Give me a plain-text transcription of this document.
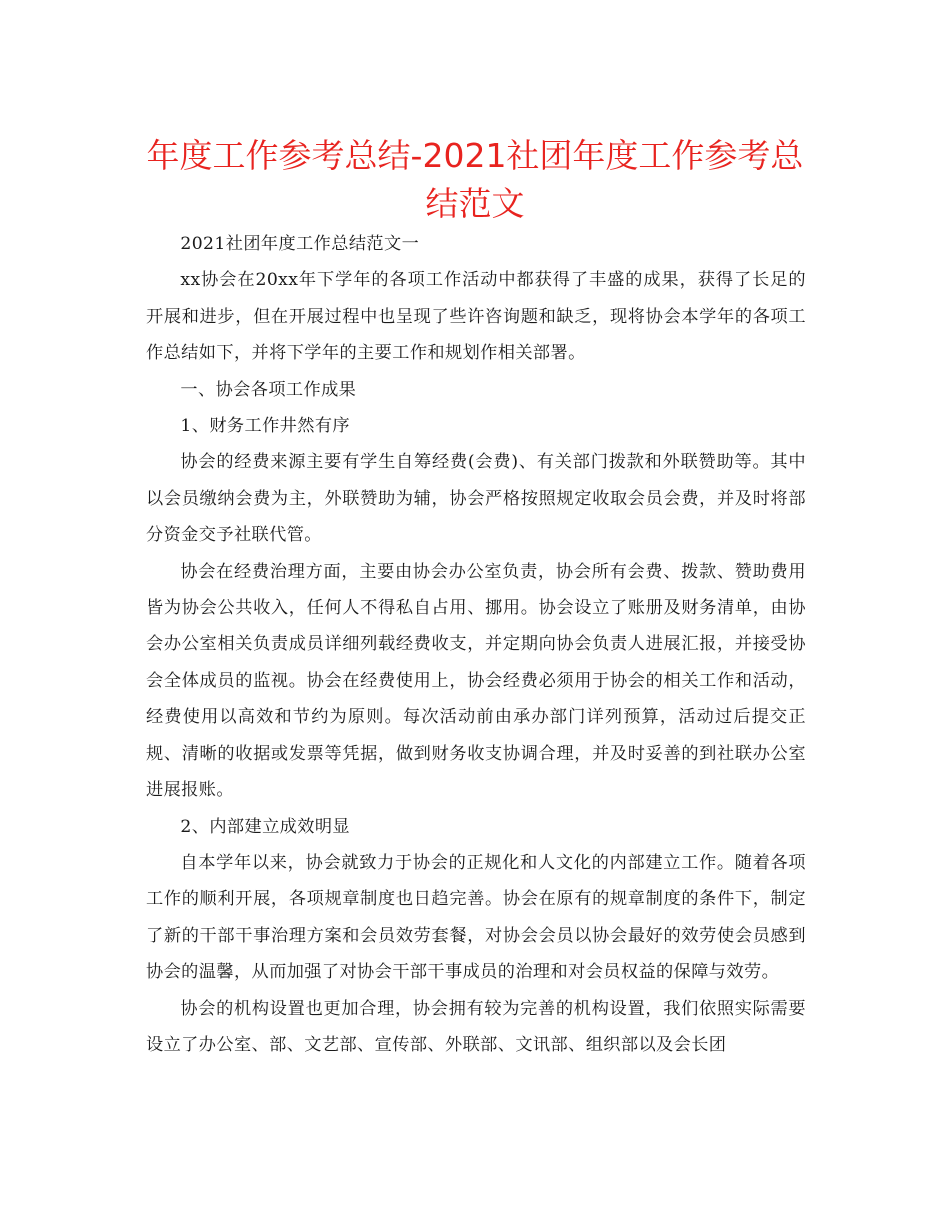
年度工作参考总结-2021社团年度工作参考总结范文

2021社团年度工作总结范文一

xx协会在20xx年下学年的各项工作活动中都获得了丰盛的成果，获得了长足的开展和进步，但在开展过程中也呈现了些许咨询题和缺乏，现将协会本学年的各项工作总结如下，并将下学年的主要工作和规划作相关部署。

一、协会各项工作成果

1、财务工作井然有序

协会的经费来源主要有学生自筹经费(会费)、有关部门拨款和外联赞助等。其中以会员缴纳会费为主，外联赞助为辅，协会严格按照规定收取会员会费，并及时将部分资金交予社联代管。

协会在经费治理方面，主要由协会办公室负责，协会所有会费、拨款、赞助费用皆为协会公共收入，任何人不得私自占用、挪用。协会设立了账册及财务清单，由协会办公室相关负责成员详细列载经费收支，并定期向协会负责人进展汇报，并接受协会全体成员的监视。协会在经费使用上，协会经费必须用于协会的相关工作和活动，经费使用以高效和节约为原则。每次活动前由承办部门详列预算，活动过后提交正规、清晰的收据或发票等凭据，做到财务收支协调合理，并及时妥善的到社联办公室进展报账。

2、内部建立成效明显

自本学年以来，协会就致力于协会的正规化和人文化的内部建立工作。随着各项工作的顺利开展，各项规章制度也日趋完善。协会在原有的规章制度的条件下，制定了新的干部干事治理方案和会员效劳套餐，对协会会员以协会最好的效劳使会员感到协会的温馨，从而加强了对协会干部干事成员的治理和对会员权益的保障与效劳。

协会的机构设置也更加合理，协会拥有较为完善的机构设置，我们依照实际需要设立了办公室、部、文艺部、宣传部、外联部、文讯部、组织部以及会长团
